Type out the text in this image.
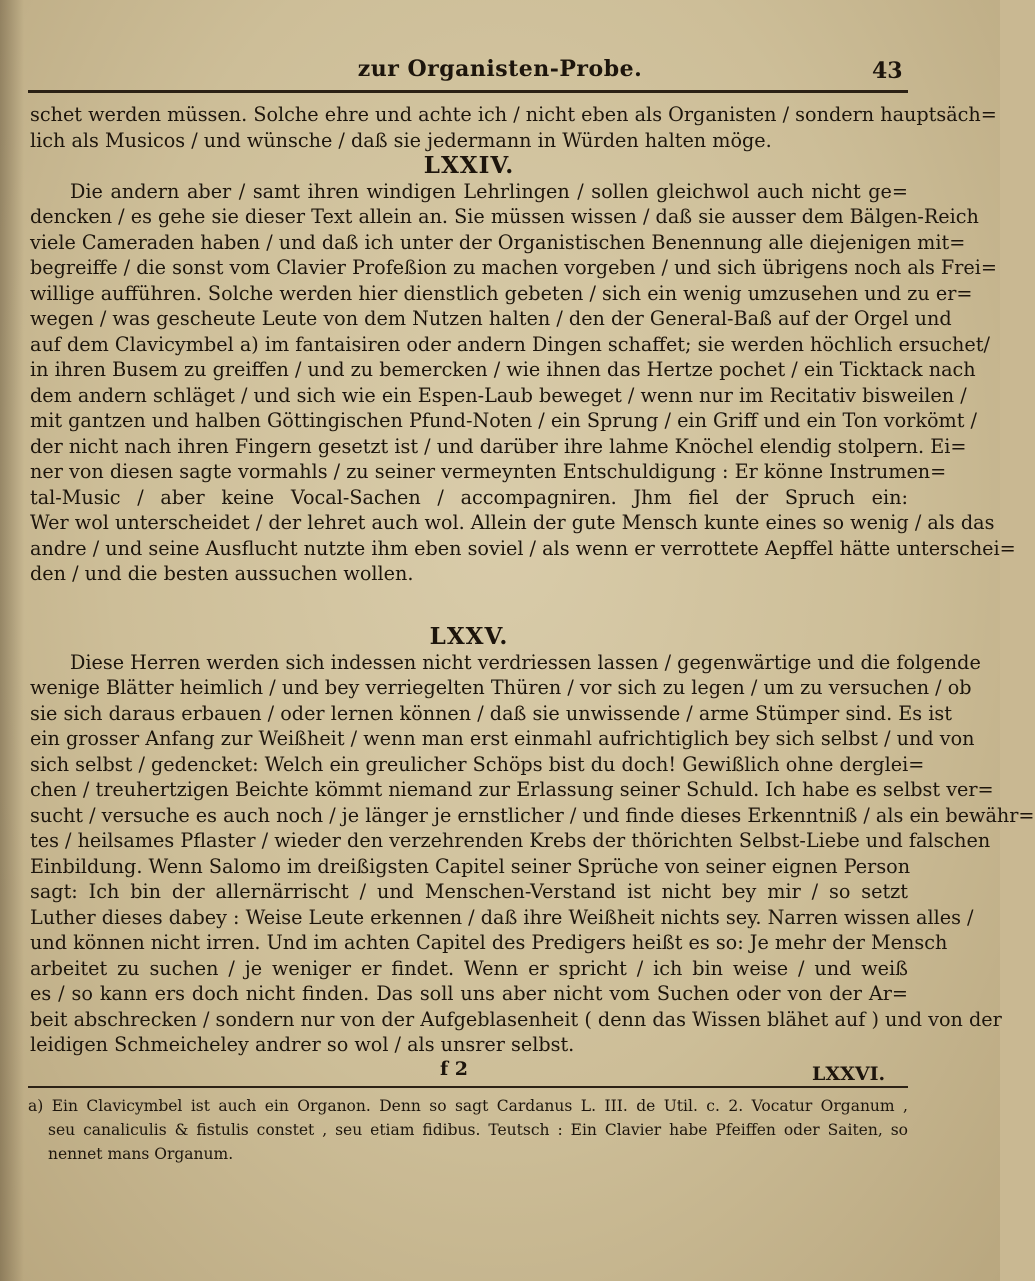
zur Organisten-Probe.	43
schet werden müssen. Solche ehre und achte ich / nicht eben als Organisten / sondern hauptsäch=
lich als Musicos / und wünsche / daß sie jedermann in Würden halten möge.
LXXIV.
Die andern aber / samt ihren windigen Lehrlingen / sollen gleichwol auch nicht ge=
dencken / es gehe sie dieser Text allein an. Sie müssen wissen / daß sie ausser dem Bälgen-Reich
viele Cameraden haben / und daß ich unter der Organistischen Benennung alle diejenigen mit=
begreiffe / die sonst vom Clavier Profeßion zu machen vorgeben / und sich übrigens noch als Frei=
willige aufführen. Solche werden hier dienstlich gebeten / sich ein wenig umzusehen und zu er=
wegen / was gescheute Leute von dem Nutzen halten / den der General-Baß auf der Orgel und
auf dem Clavicymbel a) im fantaisiren oder andern Dingen schaffet; sie werden höchlich ersuchet/
in ihren Busem zu greiffen / und zu bemercken / wie ihnen das Hertze pochet / ein Ticktack nach
dem andern schläget / und sich wie ein Espen-Laub beweget / wenn nur im Recitativ bisweilen /
mit gantzen und halben Göttingischen Pfund-Noten / ein Sprung / ein Griff und ein Ton vorkömt /
der nicht nach ihren Fingern gesetzt ist / und darüber ihre lahme Knöchel elendig stolpern. Ei=
ner von diesen sagte vormahls / zu seiner vermeynten Entschuldigung : Er könne Instrumen=
tal-Music / aber keine Vocal-Sachen / accompagniren. Jhm fiel der Spruch ein:
Wer wol unterscheidet / der lehret auch wol. Allein der gute Mensch kunte eines so wenig / als das
andre / und seine Ausflucht nutzte ihm eben soviel / als wenn er verrottete Aepffel hätte unterschei=
den / und die besten aussuchen wollen.
LXXV.
Diese Herren werden sich indessen nicht verdriessen lassen / gegenwärtige und die folgende
wenige Blätter heimlich / und bey verriegelten Thüren / vor sich zu legen / um zu versuchen / ob
sie sich daraus erbauen / oder lernen können / daß sie unwissende / arme Stümper sind. Es ist
ein grosser Anfang zur Weißheit / wenn man erst einmahl aufrichtiglich bey sich selbst / und von
sich selbst / gedencket: Welch ein greulicher Schöps bist du doch! Gewißlich ohne derglei=
chen / treuhertzigen Beichte kömmt niemand zur Erlassung seiner Schuld. Ich habe es selbst ver=
sucht / versuche es auch noch / je länger je ernstlicher / und finde dieses Erkenntniß / als ein bewähr=
tes / heilsames Pflaster / wieder den verzehrenden Krebs der thörichten Selbst-Liebe und falschen
Einbildung. Wenn Salomo im dreißigsten Capitel seiner Sprüche von seiner eignen Person
sagt: Ich bin der allernärrischt / und Menschen-Verstand ist nicht bey mir / so setzt
Luther dieses dabey : Weise Leute erkennen / daß ihre Weißheit nichts sey. Narren wissen alles /
und können nicht irren. Und im achten Capitel des Predigers heißt es so: Je mehr der Mensch
arbeitet zu suchen / je weniger er findet. Wenn er spricht / ich bin weise / und weiß
es / so kann ers doch nicht finden. Das soll uns aber nicht vom Suchen oder von der Ar=
beit abschrecken / sondern nur von der Aufgeblasenheit ( denn das Wissen blähet auf ) und von der
leidigen Schmeicheley andrer so wol / als unsrer selbst.
f 2	LXXVI.
a) Ein Clavicymbel ist auch ein Organon. Denn so sagt Cardanus L. III. de Util. c. 2. Vocatur Organum ,
seu canaliculis & fistulis constet , seu etiam fidibus. Teutsch : Ein Clavier habe Pfeiffen oder Saiten, so
nennet mans Organum.
